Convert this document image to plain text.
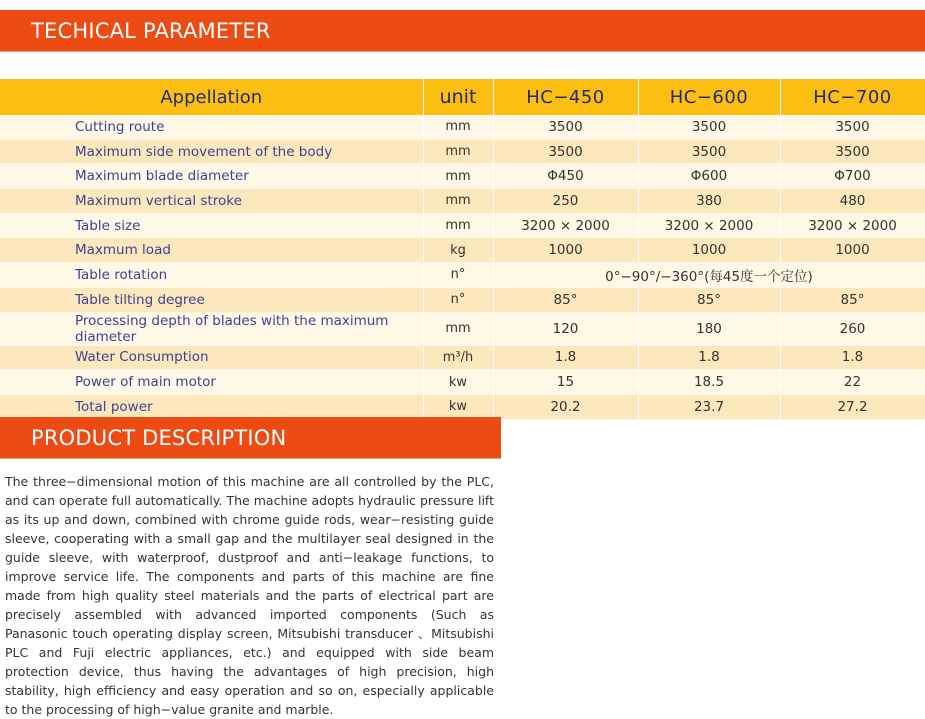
TECHICAL PARAMETER
Appellation	unit	HC−450	HC−600	HC−700
Cutting route	mm	3500	3500	3500
Maximum side movement of the body	mm	3500	3500	3500
Maximum blade diameter	mm	Φ450	Φ600	Φ700
Maximum vertical stroke	mm	250	380	480
Table size	mm	3200 × 2000	3200 × 2000	3200 × 2000
Maxmum load	kg	1000	1000	1000
Table rotation	n°	0°−90°/−360°(每45度一个定位)		
Table tilting degree	n°	85°	85°	85°
Processing depth of blades with the maximum diameter	mm	120	180	260
Water Consumption	m³/h	1.8	1.8	1.8
Power of main motor	kw	15	18.5	22
Total power	kw	20.2	23.7	27.2
PRODUCT DESCRIPTION

The three−dimensional motion of this machine are all controlled by the PLC, and can operate full automatically. The machine adopts hydraulic pressure lift as its up and down, combined with chrome guide rods, wear−resisting guide sleeve, cooperating with a small gap and the multilayer seal designed in the guide sleeve, with waterproof, dustproof and anti−leakage functions, to improve service life. The components and parts of this machine are fine made from high quality steel materials and the parts of electrical part are precisely assembled with advanced imported components (Such as Panasonic touch operating display screen, Mitsubishi transducer 、Mitsubishi PLC and Fuji electric appliances, etc.) and equipped with side beam protection device, thus having the advantages of high precision, high stability, high efficiency and easy operation and so on, especially applicable to the processing of high−value granite and marble.
